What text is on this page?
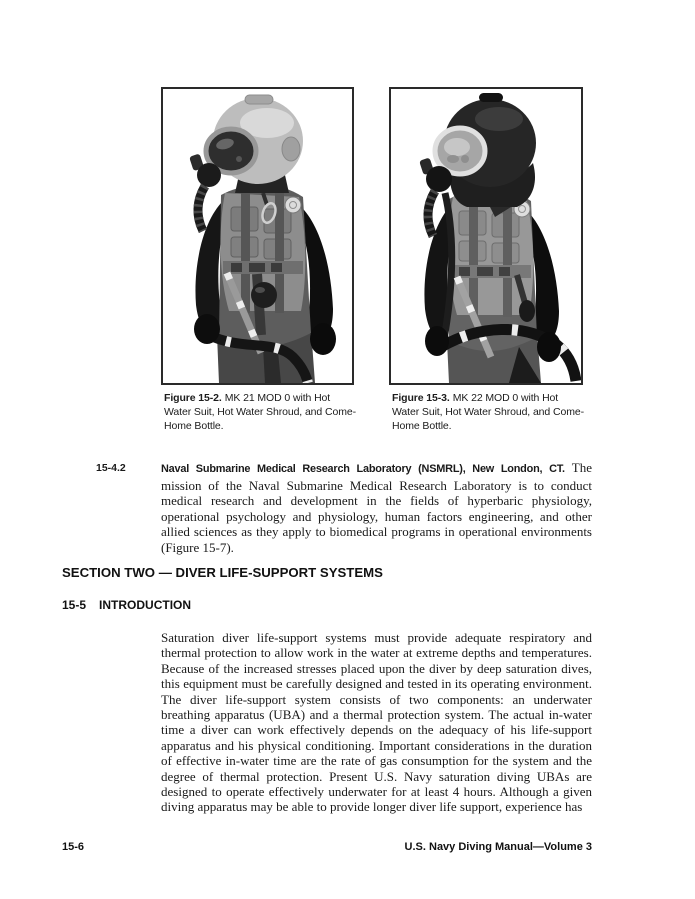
Figure 15-2. MK 21 MOD 0 with Hot Water Suit, Hot Water Shroud, and Come-Home Bottle.
Figure 15-3. MK 22 MOD 0 with Hot Water Suit, Hot Water Shroud, and Come-Home Bottle.
15-4.2	Naval Submarine Medical Research Laboratory (NSMRL), New London, CT. The mission of the Naval Submarine Medical Research Laboratory is to conduct medical research and development in the fields of hyperbaric physiology, operational psychology and physiology, human factors engineering, and other allied sciences as they apply to biomedical programs in operational environments (Figure 15-7).

SECTION TWO — DIVER LIFE-SUPPORT SYSTEMS
15-5 INTRODUCTION

Saturation diver life-support systems must provide adequate respiratory and thermal protection to allow work in the water at extreme depths and temperatures. Because of the increased stresses placed upon the diver by deep saturation dives, this equipment must be carefully designed and tested in its operating environment. The diver life-support system consists of two components: an underwater breathing apparatus (UBA) and a thermal protection system. The actual in-water time a diver can work effectively depends on the adequacy of his life-support apparatus and his physical conditioning. Important considerations in the duration of effective in-water time are the rate of gas consumption for the system and the degree of thermal protection. Present U.S. Navy saturation diving UBAs are designed to operate effectively underwater for at least 4 hours. Although a given diving apparatus may be able to provide longer diver life support, experience has

15-6	U.S. Navy Diving Manual—Volume 3
